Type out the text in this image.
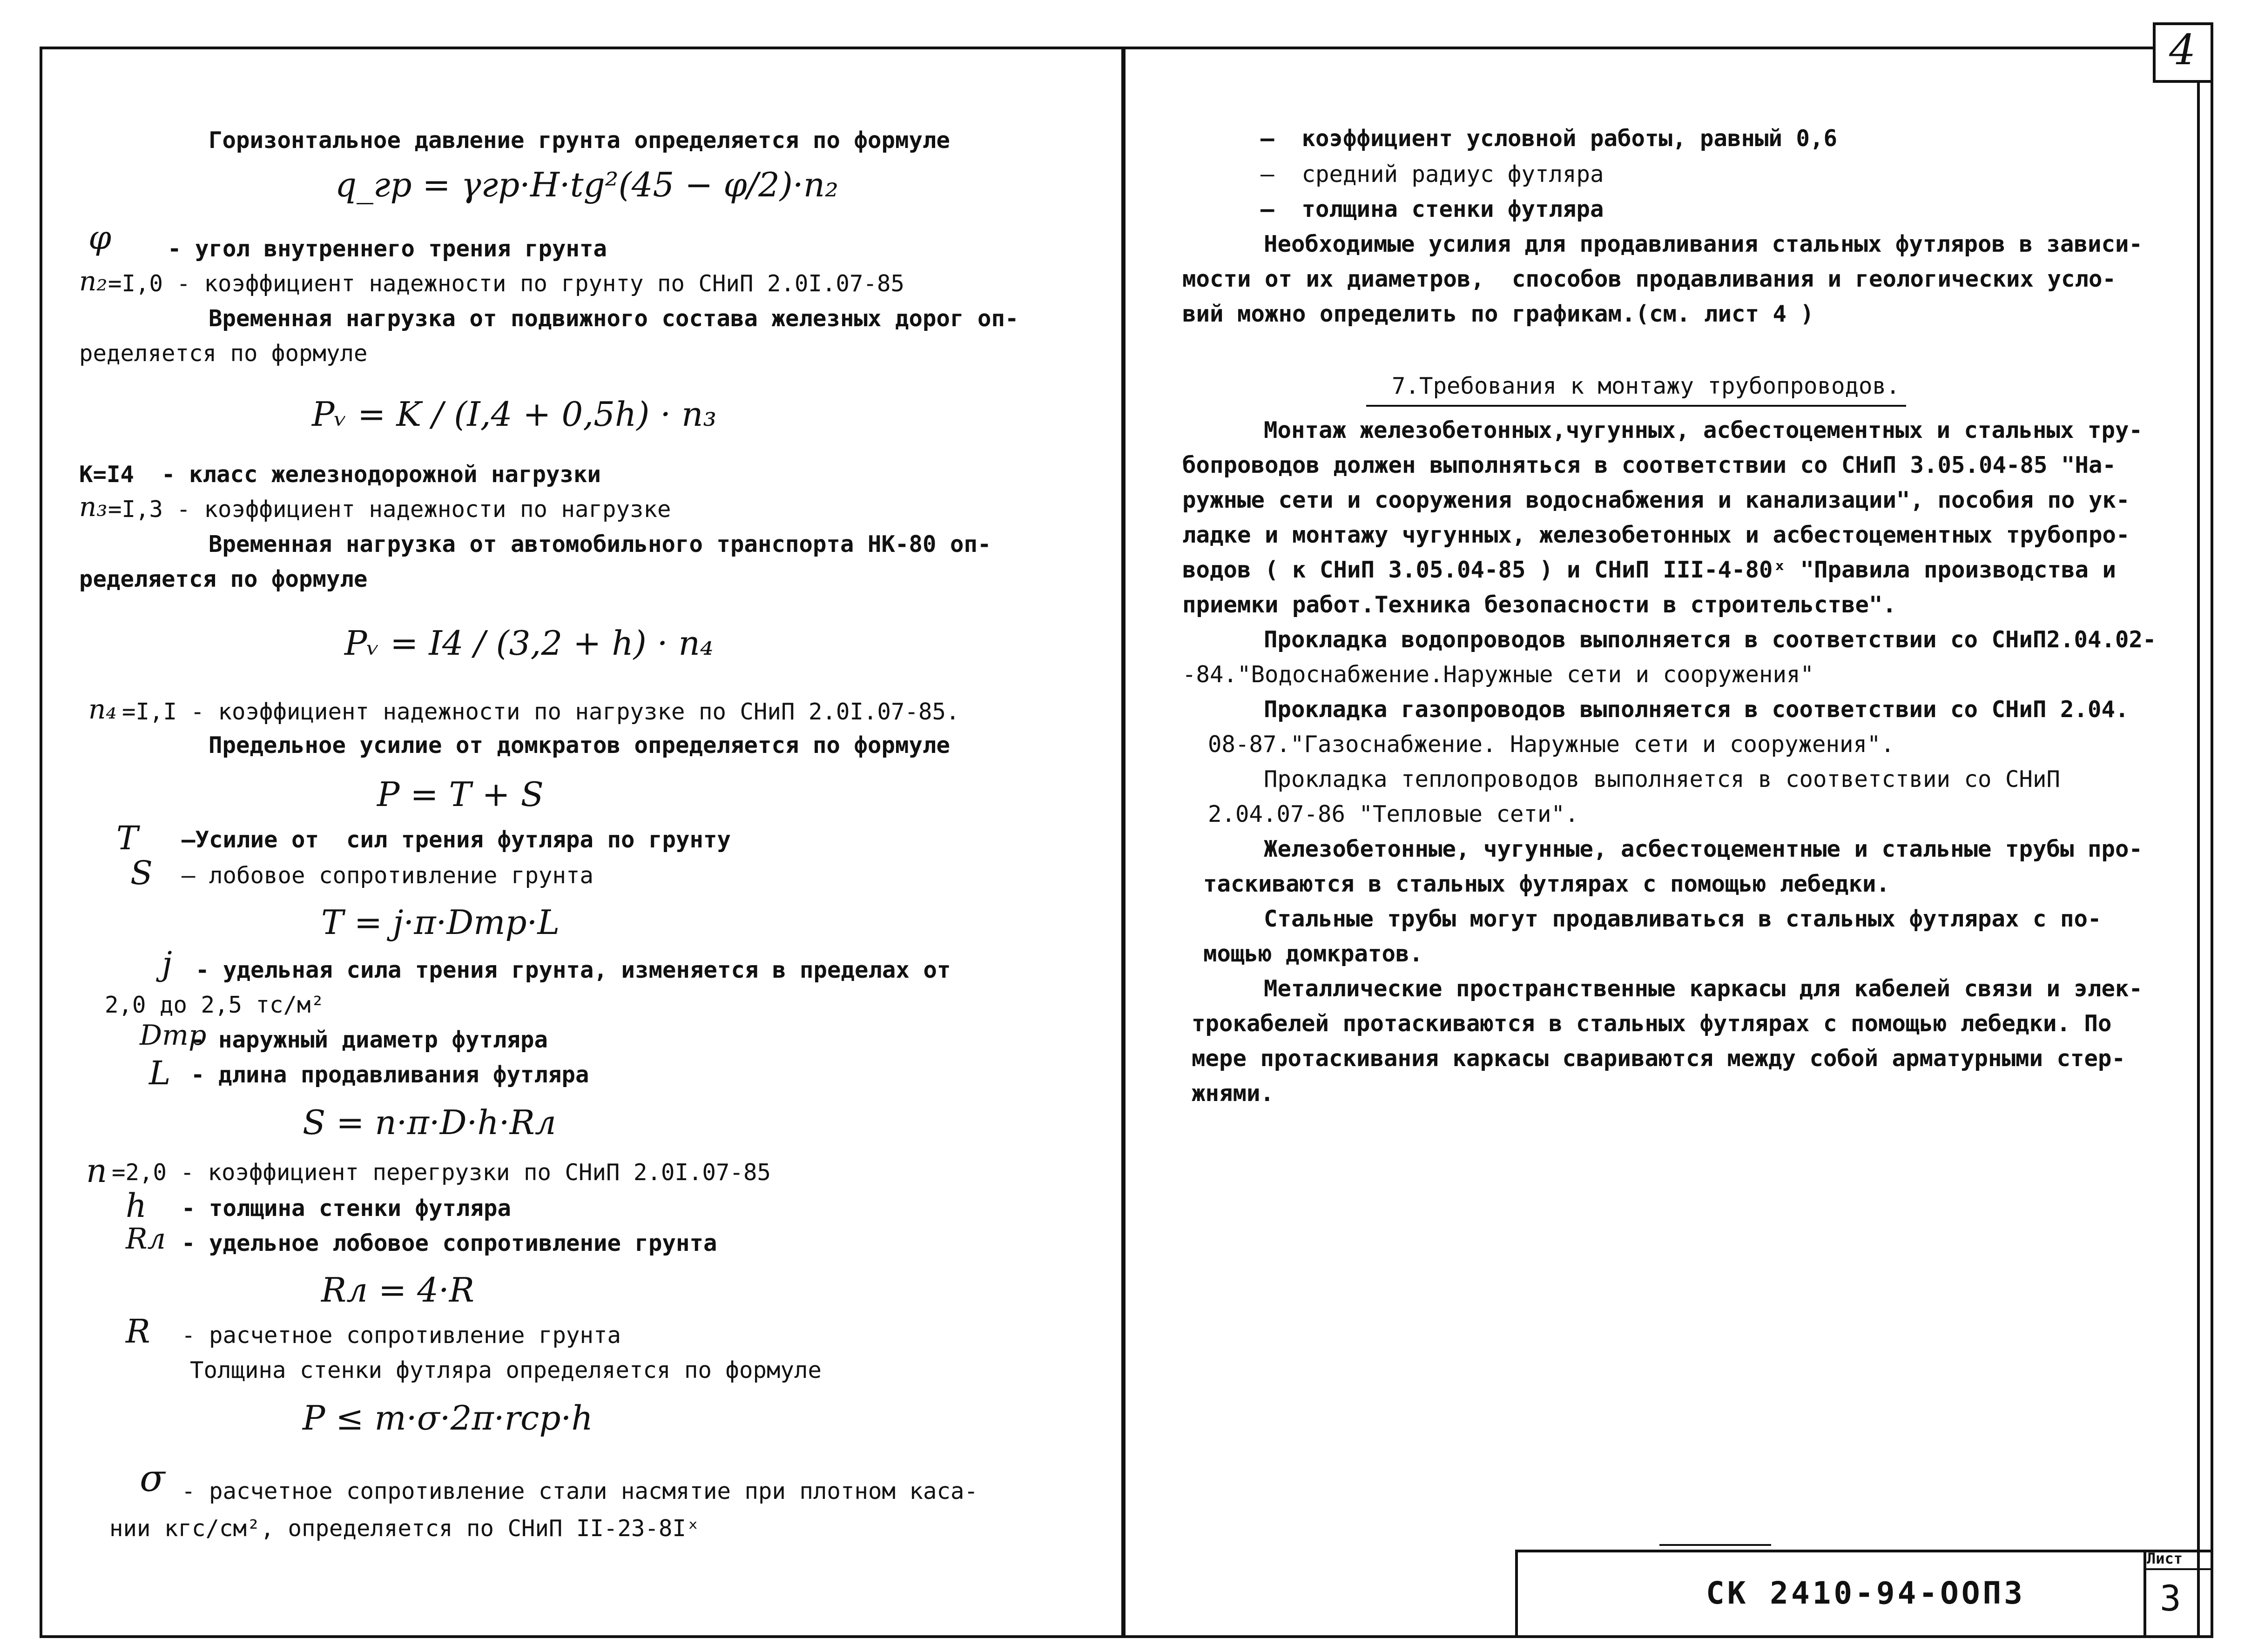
4
Горизонтальное давление грунта определяется по формуле
q_гр = γгр·H·tg²(45 − φ/2)·n₂
φ - угол внутреннего трения грунта
n₂ =I,0 - коэффициент надежности по грунту по СНиП 2.0I.07-85
Временная нагрузка от подвижного состава железных дорог оп-
ределяется по формуле
Pᵥ = K / (I,4 + 0,5h) · n₃
К=I4  - класс железнодорожной нагрузки
n₃ =I,3 - коэффициент надежности по нагрузке
Временная нагрузка от автомобильного транспорта НК-80 оп-
ределяется по формуле
Pᵥ = I4 / (3,2 + h) · n₄
n₄ =I,I - коэффициент надежности по нагрузке по СНиП 2.0I.07-85.
Предельное усилие от домкратов определяется по формуле
P = T + S
T —Усилие от  сил трения футляра по грунту
S — лобовое сопротивление грунта
T = j·π·Dтр·L
j - удельная сила трения грунта, изменяется в пределах от
2,0 до 2,5 тс/м²
Dтр
- наружный диаметр футляра
L - длина продавливания футляра
S = n·π·D·h·Rл
n =2,0 - коэффициент перегрузки по СНиП 2.0I.07-85
h - толщина стенки футляра
Rл - удельное лобовое сопротивление грунта
Rл = 4·R
R - расчетное сопротивление грунта
Толщина стенки футляра определяется по формуле
P ≤ m·σ·2π·rср·h
σ - расчетное сопротивление стали насмятие при плотном каса-
нии кгс/см², определяется по СНиП II-23-8Iˣ
–  коэффициент условной работы, равный 0,6
–  средний радиус футляра
–  толщина стенки футляра
Необходимые усилия для продавливания стальных футляров в зависи-
мости от их диаметров,  способов продавливания и геологических усло-
вий можно определить по графикам.(см. лист 4 )
7.Требования к монтажу трубопроводов.
Монтаж железобетонных,чугунных, асбестоцементных и стальных тру-
бопроводов должен выполняться в соответствии со СНиП 3.05.04-85 "На-
ружные сети и сооружения водоснабжения и канализации", пособия по ук-
ладке и монтажу чугунных, железобетонных и асбестоцементных трубопро-
водов ( к СНиП 3.05.04-85 ) и СНиП III-4-80ˣ "Правила производства и
приемки работ.Техника безопасности в строительстве".
Прокладка водопроводов выполняется в соответствии со СНиП2.04.02-
-84."Водоснабжение.Наружные сети и сооружения"
Прокладка газопроводов выполняется в соответствии со СНиП 2.04.
08-87."Газоснабжение. Наружные сети и сооружения".
Прокладка теплопроводов выполняется в соответствии со СНиП
2.04.07-86 "Тепловые сети".
Железобетонные, чугунные, асбестоцементные и стальные трубы про-
таскиваются в стальных футлярах с помощью лебедки.
Стальные трубы могут продавливаться в стальных футлярах с по-
мощью домкратов.
Металлические пространственные каркасы для кабелей связи и элек-
трокабелей протаскиваются в стальных футлярах с помощью лебедки. По
мере протаскивания каркасы свариваются между собой арматурными стер-
жнями.
СК 2410-94-ООПЗ
Лист
3
